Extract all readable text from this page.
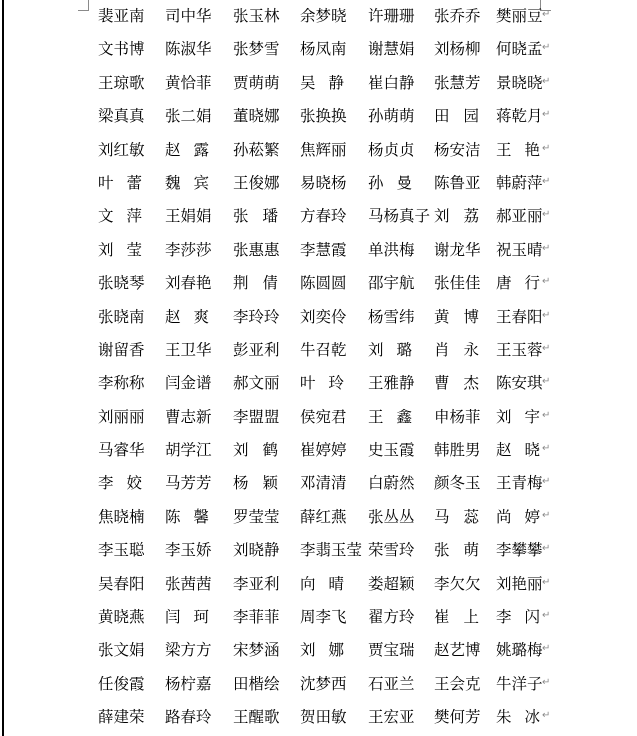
裴亚南 司中华 张玉林 余梦晓 许珊珊 张乔乔 樊丽豆 ↵
文书博 陈淑华 张梦雪 杨凤南 谢慧娟 刘杨柳 何晓孟 ↵
王琼歌 黄恰菲 贾萌萌 吴 静 崔白静 张慧芳 景晓晓 ↵
梁真真 张二娟 董晓娜 张换换 孙萌萌 田 园 蒋乾月 ↵
刘红敏 赵 露 孙菘繁 焦辉丽 杨贞贞 杨安洁 王 艳 ↵
叶 蕾 魏 宾 王俊娜 易晓杨 孙 曼 陈鲁亚 韩蔚萍 ↵
文 萍 王娟娟 张 璠 方春玲 马杨真子 刘 荔 郝亚丽 ↵
刘 莹 李莎莎 张惠惠 李慧霞 单洪梅 谢龙华 祝玉晴 ↵
张晓琴 刘春艳 荆 倩 陈圆圆 邵宇航 张佳佳 唐 行 ↵
张晓南 赵 爽 李玲玲 刘奕伶 杨雪纬 黄 博 王春阳 ↵
谢留香 王卫华 彭亚利 牛召乾 刘 璐 肖 永 王玉蓉 ↵
李称称 闫金谱 郝文丽 叶 玲 王雅静 曹 杰 陈安琪 ↵
刘丽丽 曹志新 李盟盟 侯宛君 王 鑫 申杨菲 刘 宇 ↵
马睿华 胡学江 刘 鹤 崔婷婷 史玉霞 韩胜男 赵 晓 ↵
李 姣 马芳芳 杨 颖 邓清清 白蔚然 颜冬玉 王青梅 ↵
焦晓楠 陈 馨 罗莹莹 薛红燕 张丛丛 马 蕊 尚 婷 ↵
李玉聪 李玉娇 刘晓静 李翡玉莹 荣雪玲 张 萌 李攀攀 ↵
吴春阳 张茜茜 李亚利 向 晴 娄超颖 李欠欠 刘艳丽 ↵
黄晓燕 闫 珂 李菲菲 周李飞 翟方玲 崔 上 李 闪 ↵
张文娟 梁方方 宋梦涵 刘 娜 贾宝瑞 赵艺博 姚璐梅 ↵
任俊霞 杨柠嘉 田楷绘 沈梦西 石亚兰 王会克 牛洋子 ↵
薛建荣 路春玲 王醒歌 贺田敏 王宏亚 樊何芳 朱 冰 ↵
